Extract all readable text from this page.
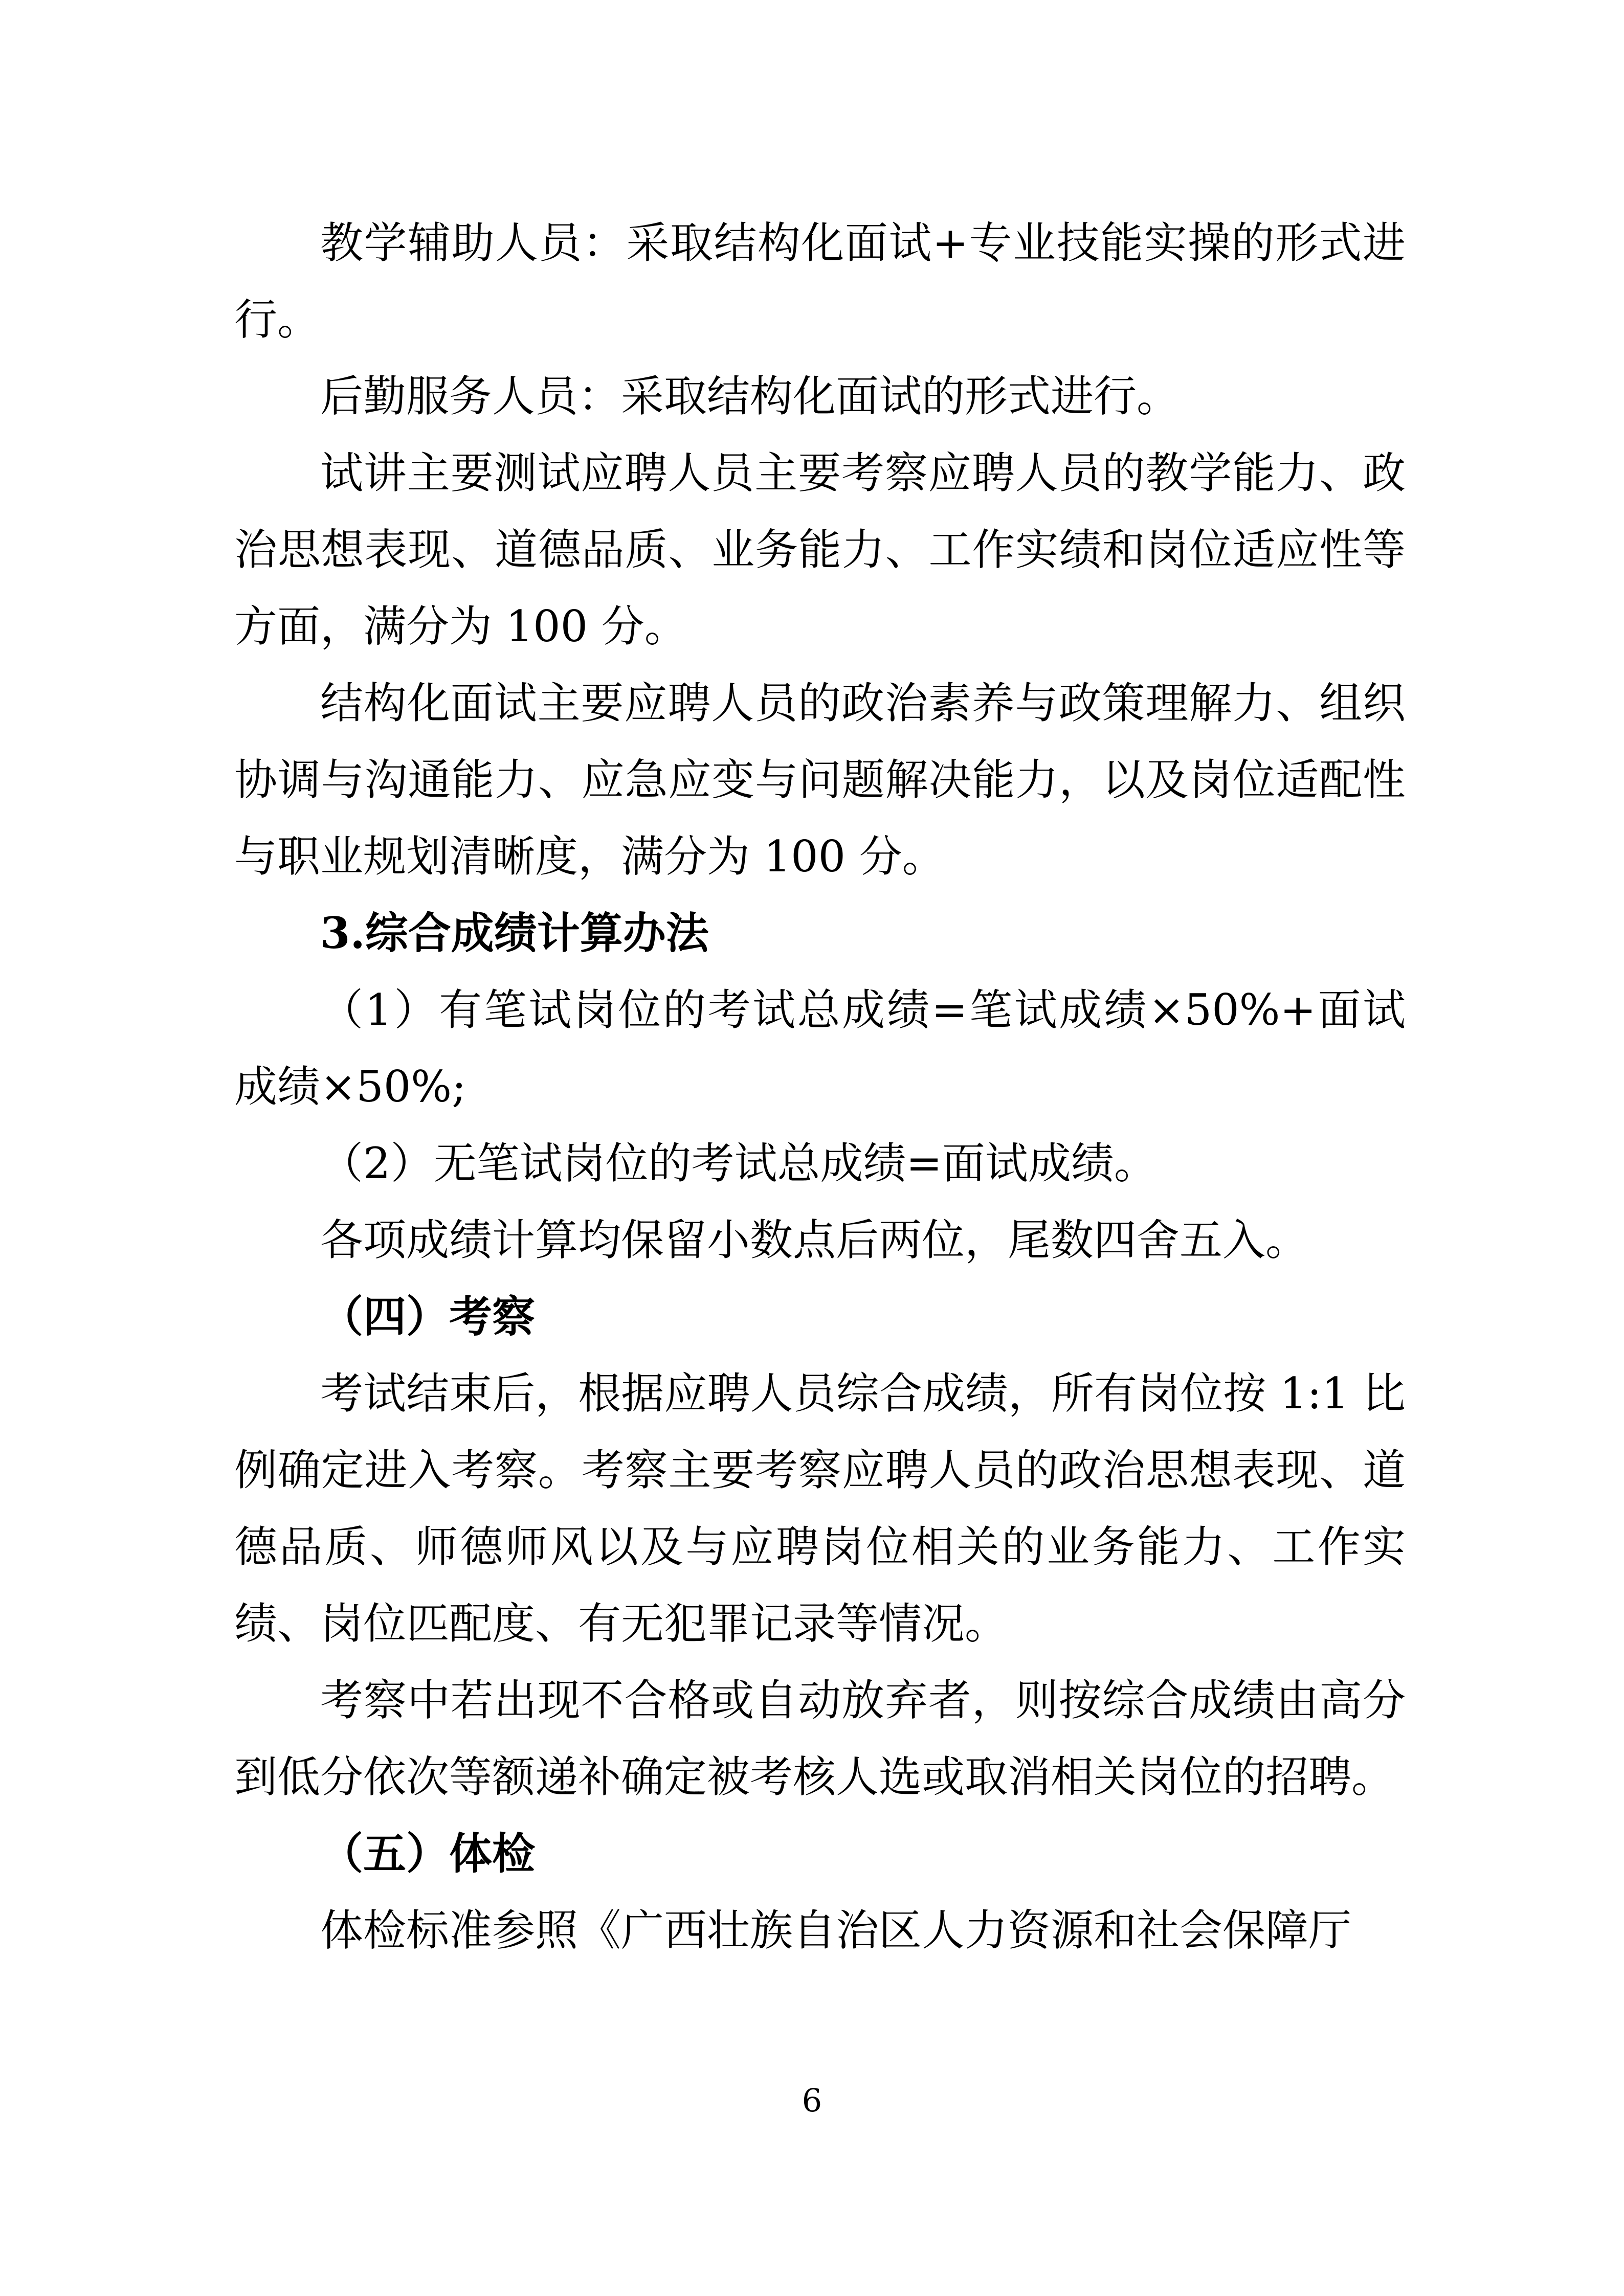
教学辅助人员：采取结构化面试+专业技能实操的形式进行。

后勤服务人员：采取结构化面试的形式进行。

试讲主要测试应聘人员主要考察应聘人员的教学能力、政治思想表现、道德品质、业务能力、工作实绩和岗位适应性等方面，满分为 100 分。

结构化面试主要应聘人员的政治素养与政策理解力、组织协调与沟通能力、应急应变与问题解决能力，以及岗位适配性与职业规划清晰度，满分为 100 分。

3.综合成绩计算办法

（1）有笔试岗位的考试总成绩=笔试成绩×50%+面试成绩×50%;

（2）无笔试岗位的考试总成绩=面试成绩。

各项成绩计算均保留小数点后两位，尾数四舍五入。

（四）考察

考试结束后，根据应聘人员综合成绩，所有岗位按 1:1 比例确定进入考察。考察主要考察应聘人员的政治思想表现、道德品质、师德师风以及与应聘岗位相关的业务能力、工作实绩、岗位匹配度、有无犯罪记录等情况。

考察中若出现不合格或自动放弃者，则按综合成绩由高分到低分依次等额递补确定被考核人选或取消相关岗位的招聘。

（五）体检

体检标准参照《广西壮族自治区人力资源和社会保障厅

6
